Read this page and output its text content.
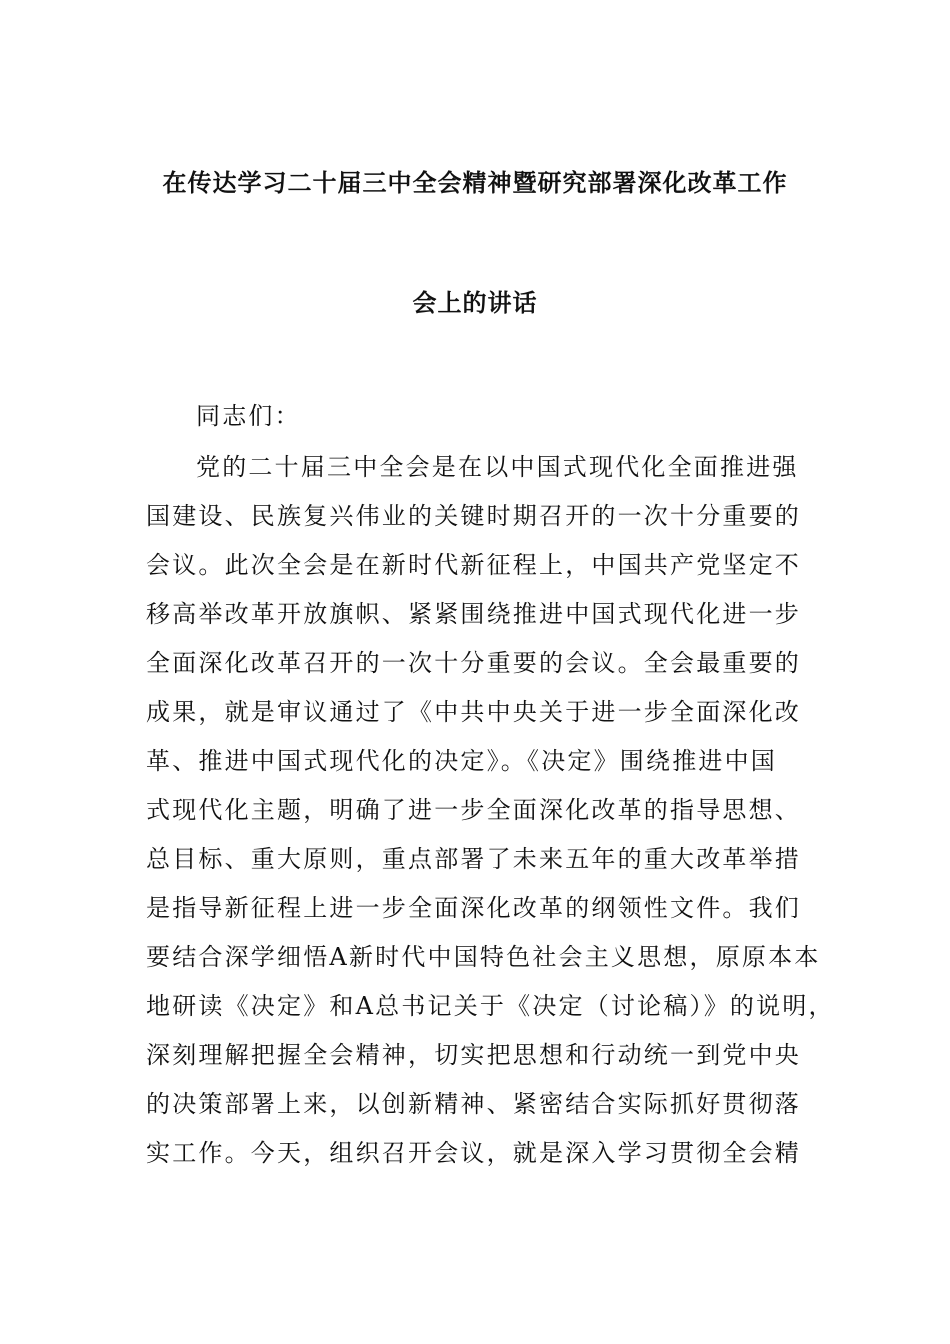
在传达学习二十届三中全会精神暨研究部署深化改革工作
会上的讲话
同志们：
党的二十届三中全会是在以中国式现代化全面推进强
国建设、民族复兴伟业的关键时期召开的一次十分重要的
会议。此次全会是在新时代新征程上，中国共产党坚定不
移高举改革开放旗帜、紧紧围绕推进中国式现代化进一步
全面深化改革召开的一次十分重要的会议。全会最重要的
成果，就是审议通过了《中共中央关于进一步全面深化改
革、推进中国式现代化的决定》。《决定》围绕推进中国
式现代化主题，明确了进一步全面深化改革的指导思想、
总目标、重大原则，重点部署了未来五年的重大改革举措
是指导新征程上进一步全面深化改革的纲领性文件。我们
要结合深学细悟A新时代中国特色社会主义思想，原原本本
地研读《决定》和A总书记关于《决定（讨论稿）》的说明，
深刻理解把握全会精神，切实把思想和行动统一到党中央
的决策部署上来，以创新精神、紧密结合实际抓好贯彻落
实工作。今天，组织召开会议，就是深入学习贯彻全会精
